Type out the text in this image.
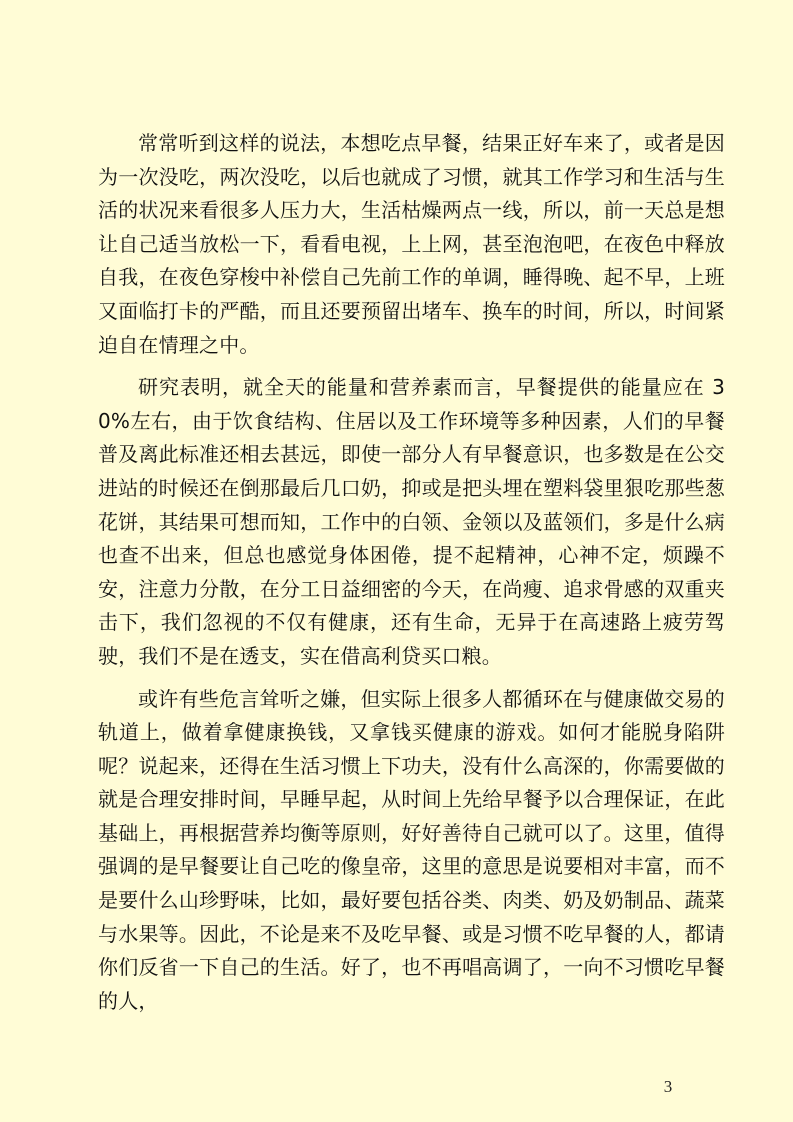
常常听到这样的说法，本想吃点早餐，结果正好车来了，或者是因为一次没吃，两次没吃，以后也就成了习惯，就其工作学习和生活与生活的状况来看很多人压力大，生活枯燥两点一线，所以，前一天总是想让自己适当放松一下，看看电视，上上网，甚至泡泡吧，在夜色中释放自我，在夜色穿梭中补偿自己先前工作的单调，睡得晚、起不早，上班又面临打卡的严酷，而且还要预留出堵车、换车的时间，所以，时间紧迫自在情理之中。

研究表明，就全天的能量和营养素而言，早餐提供的能量应在 30%左右，由于饮食结构、住居以及工作环境等多种因素，人们的早餐普及离此标准还相去甚远，即使一部分人有早餐意识，也多数是在公交进站的时候还在倒那最后几口奶，抑或是把头埋在塑料袋里狠吃那些葱花饼，其结果可想而知，工作中的白领、金领以及蓝领们，多是什么病也查不出来，但总也感觉身体困倦，提不起精神，心神不定，烦躁不安，注意力分散，在分工日益细密的今天，在尚瘦、追求骨感的双重夹击下，我们忽视的不仅有健康，还有生命，无异于在高速路上疲劳驾驶，我们不是在透支，实在借高利贷买口粮。

或许有些危言耸听之嫌，但实际上很多人都循环在与健康做交易的轨道上，做着拿健康换钱，又拿钱买健康的游戏。如何才能脱身陷阱呢？说起来，还得在生活习惯上下功夫，没有什么高深的，你需要做的就是合理安排时间，早睡早起，从时间上先给早餐予以合理保证，在此基础上，再根据营养均衡等原则，好好善待自己就可以了。这里，值得强调的是早餐要让自己吃的像皇帝，这里的意思是说要相对丰富，而不是要什么山珍野味，比如，最好要包括谷类、肉类、奶及奶制品、蔬菜与水果等。因此，不论是来不及吃早餐、或是习惯不吃早餐的人，都请你们反省一下自己的生活。好了，也不再唱高调了，一向不习惯吃早餐的人，

3
